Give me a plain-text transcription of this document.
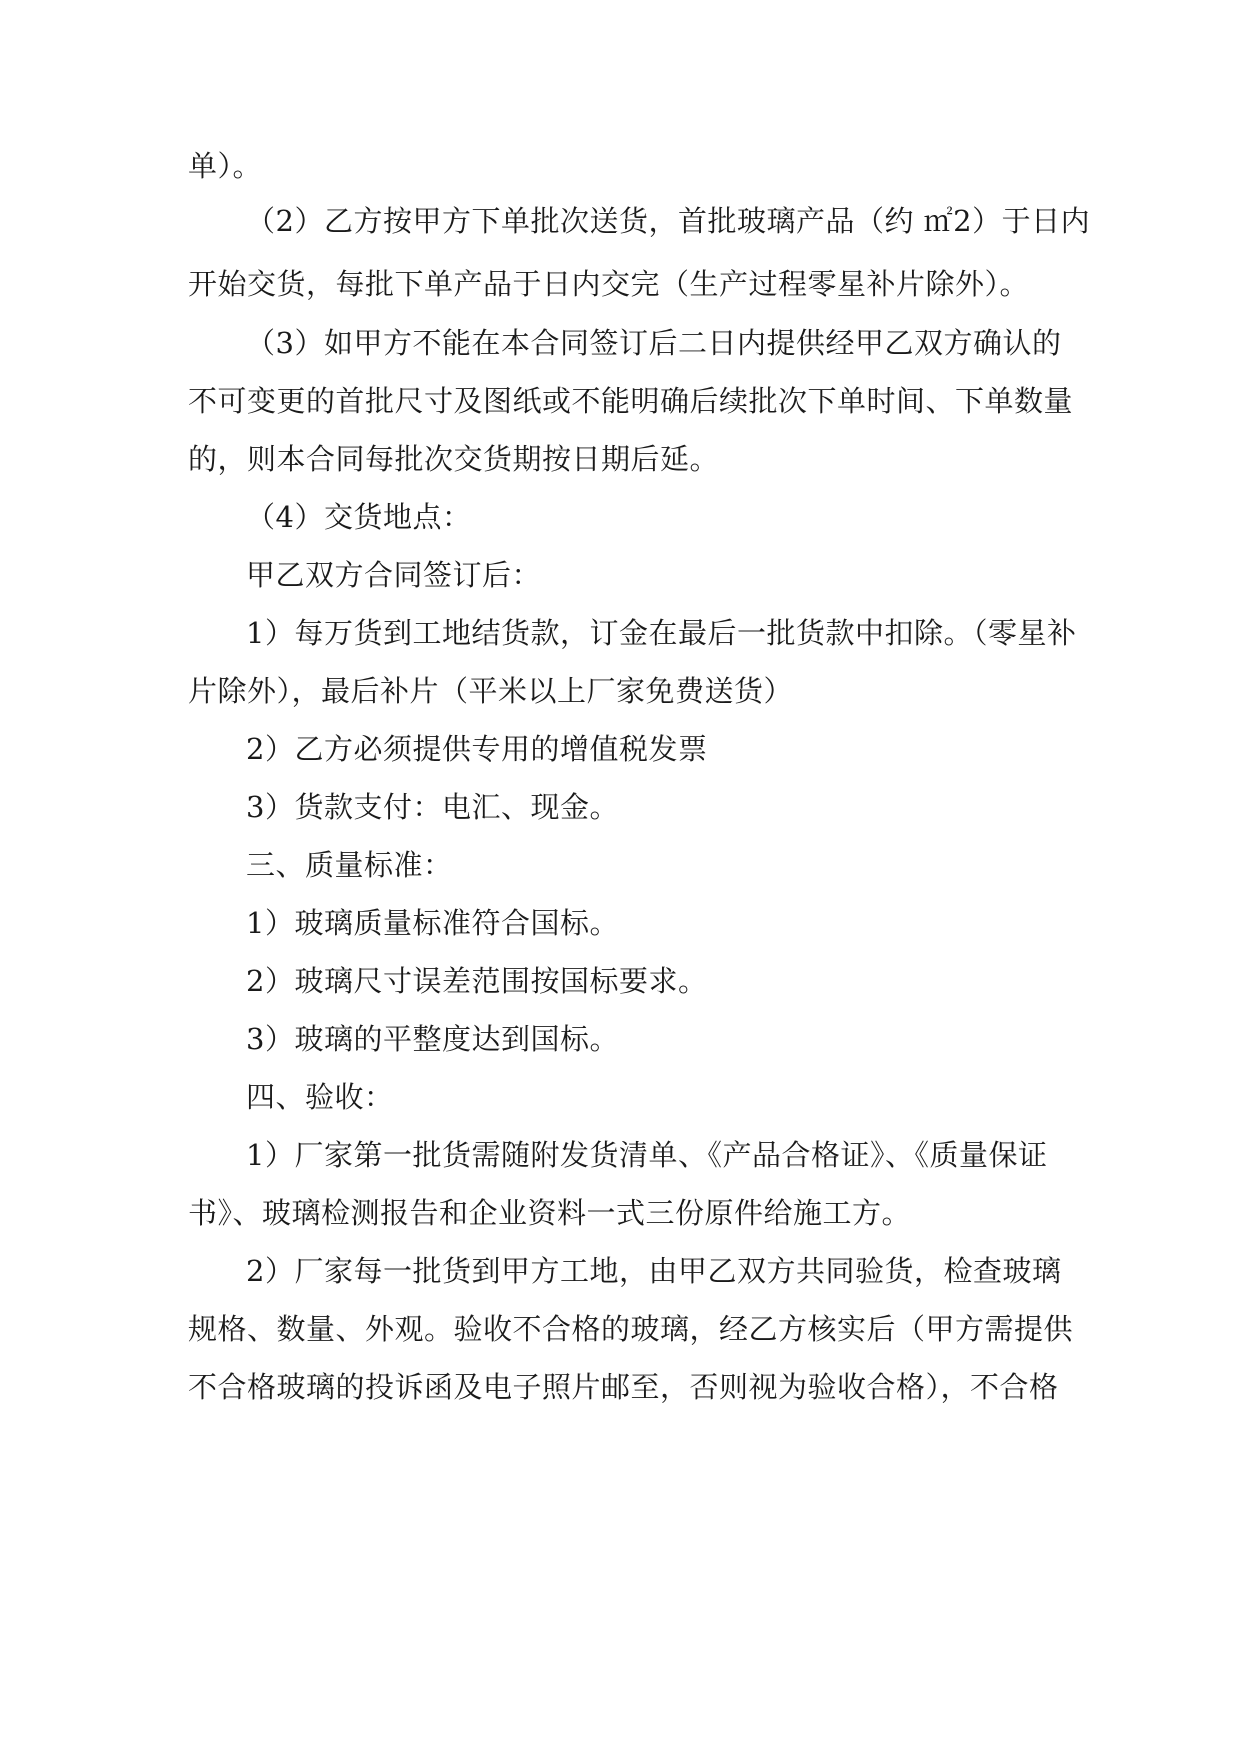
单）。
（2）乙方按甲方下单批次送货，首批玻璃产品（约 ㎡2）于日内
开始交货，每批下单产品于日内交完（生产过程零星补片除外）。
（3）如甲方不能在本合同签订后二日内提供经甲乙双方确认的
不可变更的首批尺寸及图纸或不能明确后续批次下单时间、下单数量
的，则本合同每批次交货期按日期后延。
（4）交货地点：
甲乙双方合同签订后：
1）每万货到工地结货款，订金在最后一批货款中扣除。（零星补
片除外），最后补片（平米以上厂家免费送货）
2）乙方必须提供专用的增值税发票
3）货款支付：电汇、现金。
三、质量标准：
1）玻璃质量标准符合国标。
2）玻璃尺寸误差范围按国标要求。
3）玻璃的平整度达到国标。
四、验收：
1）厂家第一批货需随附发货清单、《产品合格证》、《质量保证
书》、玻璃检测报告和企业资料一式三份原件给施工方。
2）厂家每一批货到甲方工地，由甲乙双方共同验货，检查玻璃
规格、数量、外观。验收不合格的玻璃，经乙方核实后（甲方需提供
不合格玻璃的投诉函及电子照片邮至，否则视为验收合格），不合格
